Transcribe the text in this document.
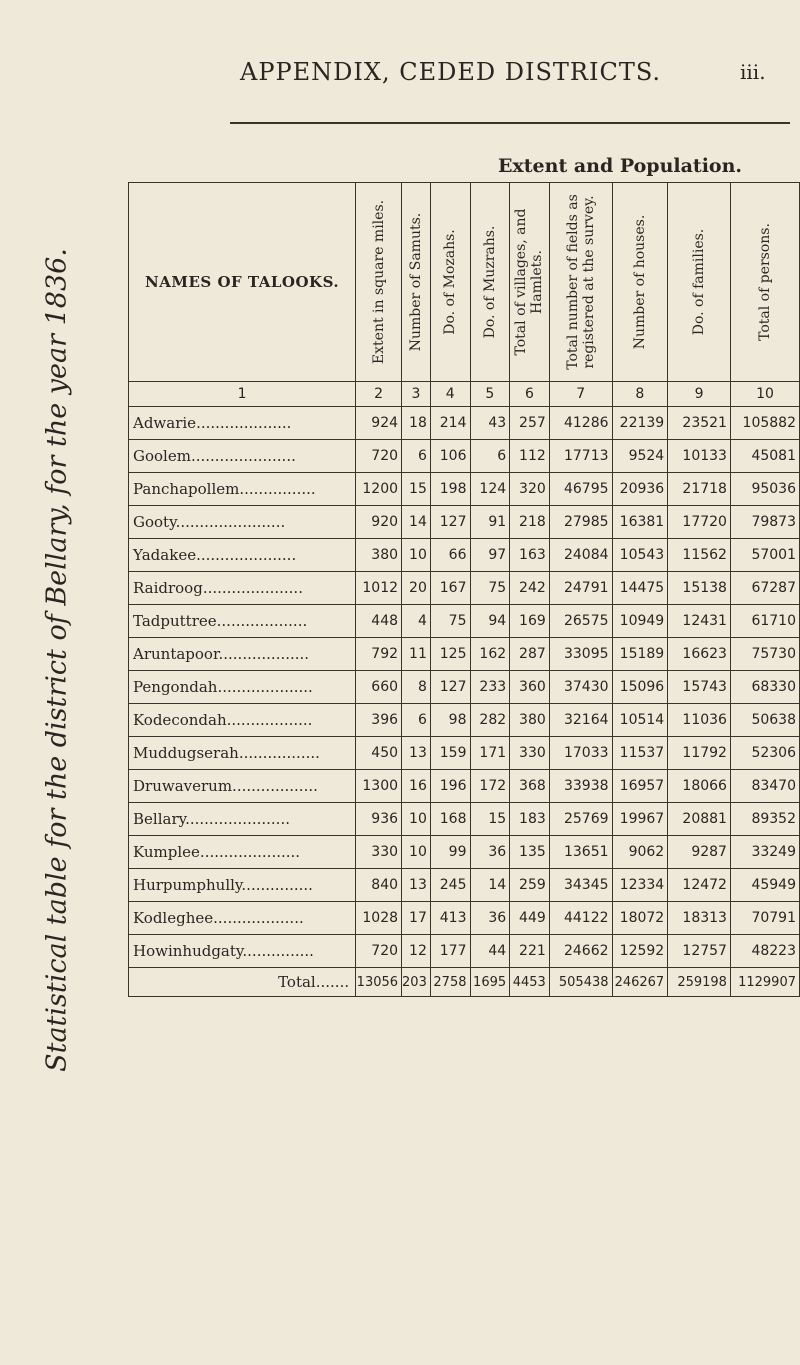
APPENDIX, CEDED DISTRICTS.	iii.
Statistical table for the district of Bellary, for the year 1836.
Extent and Population.
NAMES OF TALOOKS.	Extent in square miles.	Number of Samuts.	Do. of Mozahs.	Do. of Muzrahs.	Total of villages, and Hamlets.	Total number of fields as registered at the survey.	Number of houses.	Do. of families.	Total of persons.

1	2	3	4	5	6	7	8	9	10
Adwarie....................	924	18	214	43	257	41286	22139	23521	105882
Goolem......................	720	6	106	6	112	17713	9524	10133	45081
Panchapollem................	1200	15	198	124	320	46795	20936	21718	95036
Gooty.......................	920	14	127	91	218	27985	16381	17720	79873
Yadakee.....................	380	10	66	97	163	24084	10543	11562	57001
Raidroog.....................	1012	20	167	75	242	24791	14475	15138	67287
Tadputtree...................	448	4	75	94	169	26575	10949	12431	61710
Aruntapoor...................	792	11	125	162	287	33095	15189	16623	75730
Pengondah....................	660	8	127	233	360	37430	15096	15743	68330
Kodecondah..................	396	6	98	282	380	32164	10514	11036	50638
Muddugserah.................	450	13	159	171	330	17033	11537	11792	52306
Druwaverum..................	1300	16	196	172	368	33938	16957	18066	83470
Bellary......................	936	10	168	15	183	25769	19967	20881	89352
Kumplee.....................	330	10	99	36	135	13651	9062	9287	33249
Hurpumphully...............	840	13	245	14	259	34345	12334	12472	45949
Kodleghee...................	1028	17	413	36	449	44122	18072	18313	70791
Howinhudgaty...............	720	12	177	44	221	24662	12592	12757	48223
Total.......	13056	203	2758	1695	4453	505438	246267	259198	1129907
